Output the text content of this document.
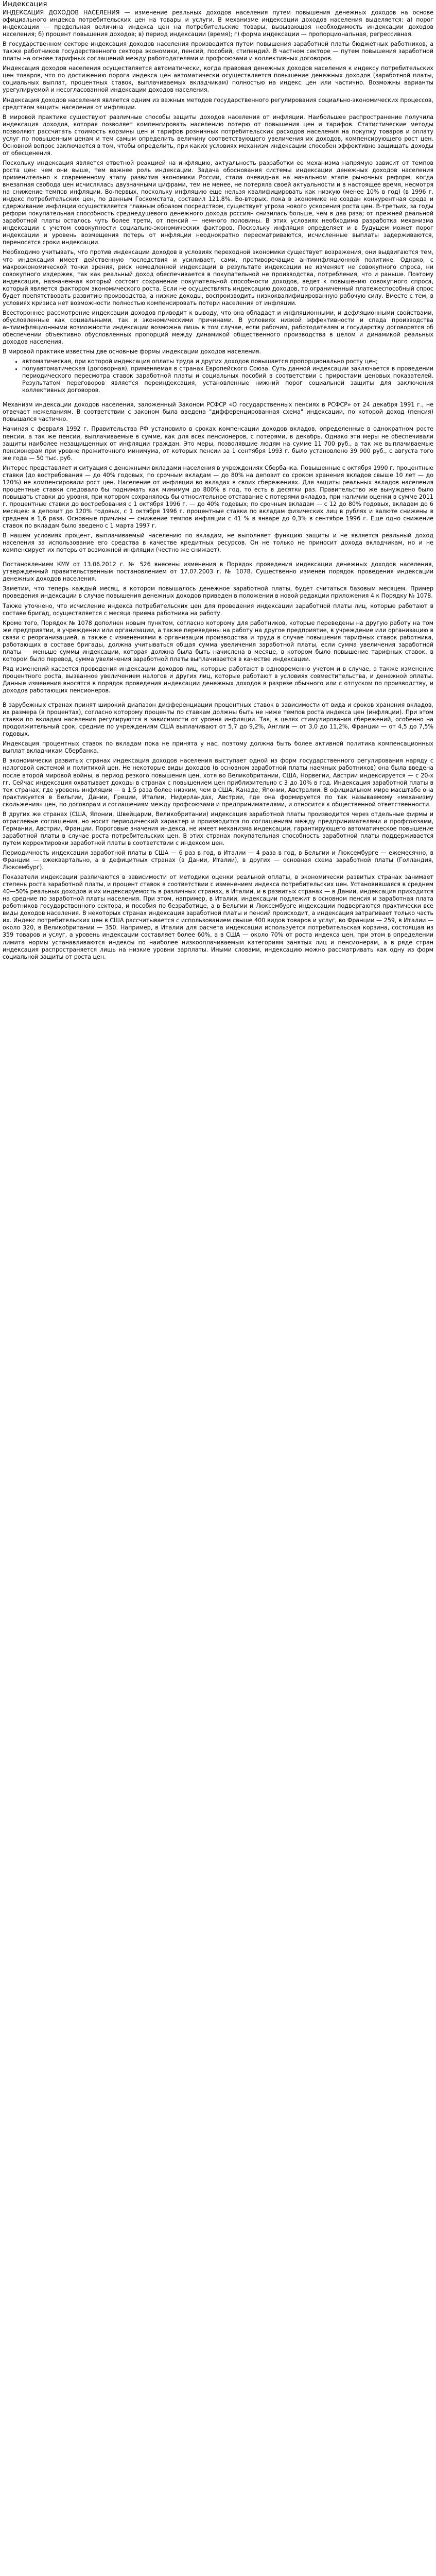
Индексация

ИНДЕКСАЦИЯ ДОХОДОВ НАСЕЛЕНИЯ — изменение реальных доходов населения путем повышения денежных доходов на основе официального индекса потребительских цен на товары и услуги. В механизме индексации доходов населения выделяется: а) порог индексации — предельная величина индекса цен на потребительские товары, вызывающая необходимость индексации доходов населения; б) процент повышения доходов; в) период индексации (время); г) форма индексации — пропорциональная, регрессивная.

В государственном секторе индексация доходов населения производится путем повышения заработной платы бюджетных работников, а также работников государственного сектора экономики, пенсий, пособий, стипендий. В частном секторе — путем повышения заработной платы на основе тарифных соглашений между работодателями и профсоюзами и коллективных договоров.

Индексация доходов населения осуществляется автоматически, когда правовая денежных доходов населения к индексу потребительских цен товаров, что по достижению порога индекса цен автоматически осуществляется повышение денежных доходов (заработной платы, социальных выплат, процентных ставок, выплачиваемых вкладчикам) полностью на индекс цен или частично. Возможны варианты урегулируемой и несогласованной индексации доходов населения.

Индексация доходов населения является одним из важных методов государственного регулирования социально-экономических процессов, средством защиты населения от инфляции.

В мировой практике существуют различные способы защиты доходов населения от инфляции. Наибольшее распространение получила индексация доходов, которая позволяет компенсировать населению потерю от повышения цен и тарифов. Статистические методы позволяют рассчитать стоимость корзины цен и тарифов розничных потребительских расходов населения на покупку товаров и оплату услуг по повышенным ценам и тем самым определить величину соответствующего увеличения их доходов, компенсирующего рост цен. Основной вопрос заключается в том, чтобы определить, при каких условиях механизм индексации способен эффективно защищать доходы от обесценения.

Поскольку индексация является ответной реакцией на инфляцию, актуальность разработки ее механизма напрямую зависит от темпов роста цен: чем они выше, тем важнее роль индексации. Задача обоснования системы индексации денежных доходов населения применительно к современному этапу развития экономики России, стала очевидная на начальном этапе рыночных реформ, когда внезапная свобода цен исчислялась двузначными цифрами, тем не менее, не потеряла своей актуальности и в настоящее время, несмотря на снижение темпов инфляции. Во-первых, поскольку инфляцию еще нельзя квалифицировать как низкую (менее 10% в год) (в 1996 г. индекс потребительских цен, по данным Госкомстата, составил 121,8%. Во-вторых, пока в экономике не создан конкурентная среда и сдерживание инфляции осуществляется главным образом посредством, существует угроза нового ускорения роста цен. В-третьих, за годы реформ покупательная способность среднедушевого денежного дохода россиян снизилась больше, чем в два раза; от прежней реальной заработной платы осталось чуть более трети, от пенсий — немного половины. В этих условиях необходима разработка механизма индексации с учетом совокупности социально-экономических факторов. Поскольку инфляция определяет и в будущем может порог индексации и уровень возмещения потерь от инфляции неоднократно пересматриваются, исчисленные выплаты задерживаются, переносятся сроки индексации.

Необходимо учитывать, что против индексации доходов в условиях переходной экономики существует возражения, они выдвигаются тем, что индексация имеет действенную последствия и усиливает, сами, противоречащие антиинфляционной политике. Однако, с макроэкономической точки зрения, риск немедленной индексации в результате индексации не изменяет не совокупного спроса, ни совокупного издержек, так как реальный доход обеспечивается в покупательной не производства, потребления, что и раньше. Поэтому индексация, назначенная который состоит сохранение покупательной способности доходов, ведет к повышению совокупного спроса, который является фактором экономического роста. Если не осуществлять индексацию доходов, то ограниченный платежеспособный спрос будет препятствовать развитию производства, а низкие доходы, воспроизводить низкоквалифицированную рабочую силу. Вместе с тем, в условиях кризиса нет возможности полностью компенсировать потери населения от инфляции.

Всестороннее рассмотрение индексации доходов приводит к выводу, что она обладает и инфляционными, и дефляционными свойствами, обусловленные как социальными, так и экономическими причинами. В условиях низкой эффективности и спада производства антиинфляционными возможности индексации возможна лишь в том случае, если рабочим, работодателям и государству договорятся об обеспечении объективно обусловленных пропорций между динамикой общественного производства в целом и динамикой реальных доходов населения.

В мировой практике известны две основные формы индексации доходов населения.

• автоматическая, при которой индексация оплаты труда и других доходов повышается пропорционально росту цен;
• полуавтоматическая (договорная), применяемая в странах Европейского Союза. Суть данной индексации заключается в проведении периодического пересмотра ставок заработной платы и социальных пособий в соответствии с приростами ценовых показателей. Результатом переговоров является переиндексация, установленные нижний порог социальной защиты для заключения коллективных договоров.

Механизм индексации доходов населения, заложенный Законом РСФСР «О государственных пенсиях в РСФСР» от 24 декабря 1991 г., не отвечает нежеланиям. В соответствии с законом была введена "дифференцированная схема" индексации, по которой доход (пенсия) повышался частично.

Начиная с февраля 1992 г. Правительства РФ установило в сроках компенсации доходов вкладов, определенные в однократном росте пенсии, а так же пенсии, выплачиваемые в сумме, как для всех пенсионеров, с потерями, в декабрь. Однако эти меры не обеспечивали защиты наиболее незащищенных от инфляции граждан. Это меры, позволявшие людям на сумме 11 700 руб., а так же выплачиваемые пенсионерам при уровне прожиточного минимума, от которых пенсии за 1 сентября 1993 г. было установлено 39 900 руб., с августа того же года — 50 тыс. руб.

Интерес представляет и ситуация с денежными вкладами населения в учреждениях Сбербанка. Повышенные с октября 1990 г. процентные ставки (до востребования — до 40% годовых, по срочным вкладам — до 80% на депозит со сроком хранения вкладов свыше 10 лет — до 120%) не компенсировали рост цен. Население от инфляции во вкладах в своих сбережениях. Для защиты реальных вкладов населения процентные ставки следовало бы поднимать как минимум до 800% в год, то есть в десятки раз. Правительство же вынуждено было повышать ставки до уровня, при котором сохранялось бы относительное отставание с потерями вкладов, при наличии оценки в сумме 2011 г. процентные ставки до востребования с 1 октября 1996 г. — до 40% годовых; по срочным вкладам — с 12 до 80% годовых, вкладам до 6 месяцев: в депозит до 120% годовых, с 1 октября 1996 г. процентные ставки по вкладам физических лиц в рублях и валюте снижены в среднем в 1,6 раза. Основные причины — снижение темпов инфляции с 41 % в январе до 0,3% в сентябре 1996 г. Еще одно снижение ставок по вкладам было введено с 1 марта 1997 г.

В нашем условиях процент, выплачиваемый населению по вкладам, не выполняет функцию защиты и не является реальный доход населения за использование его средства в качестве кредитных ресурсов. Он не только не приносит дохода вкладчикам, но и не компенсирует их потерь от возможной инфляции (честно же снижает).

Постановлением КМУ от 13.06.2012 г. № 526 внесены изменения в Порядок проведения индексации денежных доходов населения, утвержденный правительственным постановлением от 17.07.2003 г. № 1078. Существенно изменен порядок проведения индексации денежных доходов населения.

Заметим, что теперь каждый месяц, в котором повышалось денежное заработной платы, будет считаться базовым месяцем. Пример проведения индексации в случае повышения денежных доходов приведен в положении в новой редакции приложения 4 к Порядку № 1078.

Также уточнено, что исчисление индекса потребительских цен для проведения индексации заработной платы лиц, которые работают в составе бригад, осуществляется с месяца приема работника на работу.

Кроме того, Порядок № 1078 дополнен новым пунктом, согласно которому для работников, которые переведены на другую работу на том же предприятии, в учреждении или организации, а также переведены на работу на другое предприятие, в учреждение или организацию в связи с реорганизацией, а также с изменениями в организации производства и труда в случае повышения тарифных ставок работника, работающих в составе бригады, должна учитываться общая сумма увеличения заработной платы, если сумма увеличения заработной платы — меньше суммы индексации, которая должна была быть начислена в месяце, в котором было повышение тарифных ставок, в котором было перевод, сумма увеличения заработной платы выплачивается в качестве индексации.

Ряд изменений касается проведения индексации доходов лиц, которые работают в одновременно учетом и в случае, а также изменение процентного роста, вызванное увеличением налогов и других лиц, которые работают в условиях совместительства, и денежной оплаты. Данные изменения вносятся в порядок проведения индексации денежных доходов в разрезе обычного или с отпуском по производству, и доходов работающих пенсионеров.

В зарубежных странах принят широкий диапазон дифференциации процентных ставок в зависимости от вида и сроков хранения вкладов, их размера (в процентах), согласно которому проценты по ставкам должны быть не ниже темпов роста индекса цен (инфляции). При этом ставки по вкладам населения регулируются в зависимости от уровня инфляции. Так, в целях стимулирования сбережений, особенно на продолжительный срок, средние по учреждениям США выплачивают от 5,7 до 9,2%, Англии — от 3,0 до 11,2%, Франции — от 4,5 до 7,5% годовых.

Индексация процентных ставок по вкладам пока не принята у нас, поэтому должна быть более активной политика компенсационных выплат вкладчикам Сбербанка.

В экономически развитых странах индексация доходов населения выступает одной из форм государственного регулирования наряду с налоговой системой и политикой цен. Не некоторые виды доходов (в основном заработной платы наемных работников) она была введена после второй мировой войны, в период резкого повышения цен, хотя во Великобритании, США, Норвегии, Австрии индексируется — с 20-х гг. Сейчас индексация охватывает доходы в странах с повышением цен приблизительно с 3 до 10% в год. Индексация заработной платы в тех странах, где уровень инфляции — в 1,5 раза более низким, чем в США, Канаде, Японии, Австралии. В официальном мире масштабе она практикуется в Бельгии, Дании, Греции, Италии, Нидерландах, Австрии, где она формируется по так называемому «механизму скольжения» цен, по договорам и соглашениям между профсоюзами и предпринимателями, и относится к общественной ответственности.

В других же странах (США, Японии, Швейцарии, Великобритании) индексация заработной платы производится через отдельные фирмы и отраслевые соглашения, но носит периодический характер и производится по соглашениям между предпринимателями и профсоюзами, Германии, Австрии, Франции. Пороговые значения индекса, не имеет механизма индексации, гарантирующего автоматическое повышение заработной платы в случае роста потребительских цен. В этих странах покупательная способность заработной платы поддерживается путем корректировки заработной платы в соответствии с индексом цен.

Периодичность индексации заработной платы в США — 6 раз в год, в Италии — 4 раза в год, в Бельгии и Люксембурге — ежемесячно, в Франции — ежеквартально, а в дефицитных странах (в Дании, Италии), в других — основная схема заработной платы (Голландия, Люксембург).

Показатели индексации различаются в зависимости от методики оценки реальной оплаты, в экономически развитых странах занимает степень роста заработной платы, и процент ставок в соответствии с изменением индекса потребительских цен. Установившаяся в среднем 40—50% реальных доходов и их индексируемость в различных странах, в Италии, и в развитых странах — в Дании, индексация приходится на средние по заработной платы населения. При этом, например, в Италии, индексации подлежит в основном пенсия и заработная плата работников государственного сектора, и пособия по безработице, а в Бельгии и Люксембурге индексации подвергаются практически все виды доходов населения. В некоторых странах индексация заработной платы и пенсий происходит, а индексация затрагивает только часть их. Индекс потребительских цен в США рассчитывается с использованием свыше 400 видов товаров и услуг, во Франции — 259, в Италии — около 320, в Великобритании — 350. Например, в Италии для расчета индексации используется потребительская корзина, состоящая из 359 товаров и услуг, а уровень индексации составляет более 60%, а в США — около 70% от роста индекса цен, при этом в определении лимита нормы устанавливаются индексы по наиболее низкооплачиваемым категориям занятых лиц и пенсионерам, а в ряде стран индексация распространяется лишь на низкие уровни зарплаты. Иными словами, индексацию можно рассматривать как одну из форм социальной защиты от роста цен.
